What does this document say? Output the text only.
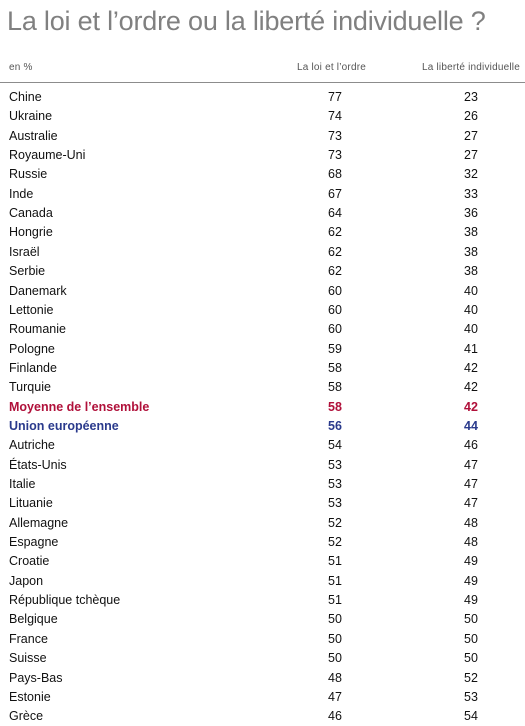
La loi et l’ordre ou la liberté individuelle ?
en %	La loi et l’ordre	La liberté individuelle
Chine	77	23
Ukraine	74	26
Australie	73	27
Royaume-Uni	73	27
Russie	68	32
Inde	67	33
Canada	64	36
Hongrie	62	38
Israël	62	38
Serbie	62	38
Danemark	60	40
Lettonie	60	40
Roumanie	60	40
Pologne	59	41
Finlande	58	42
Turquie	58	42
Moyenne de l’ensemble	58	42
Union européenne	56	44
Autriche	54	46
États-Unis	53	47
Italie	53	47
Lituanie	53	47
Allemagne	52	48
Espagne	52	48
Croatie	51	49
Japon	51	49
République tchèque	51	49
Belgique	50	50
France	50	50
Suisse	50	50
Pays-Bas	48	52
Estonie	47	53
Grèce	46	54
